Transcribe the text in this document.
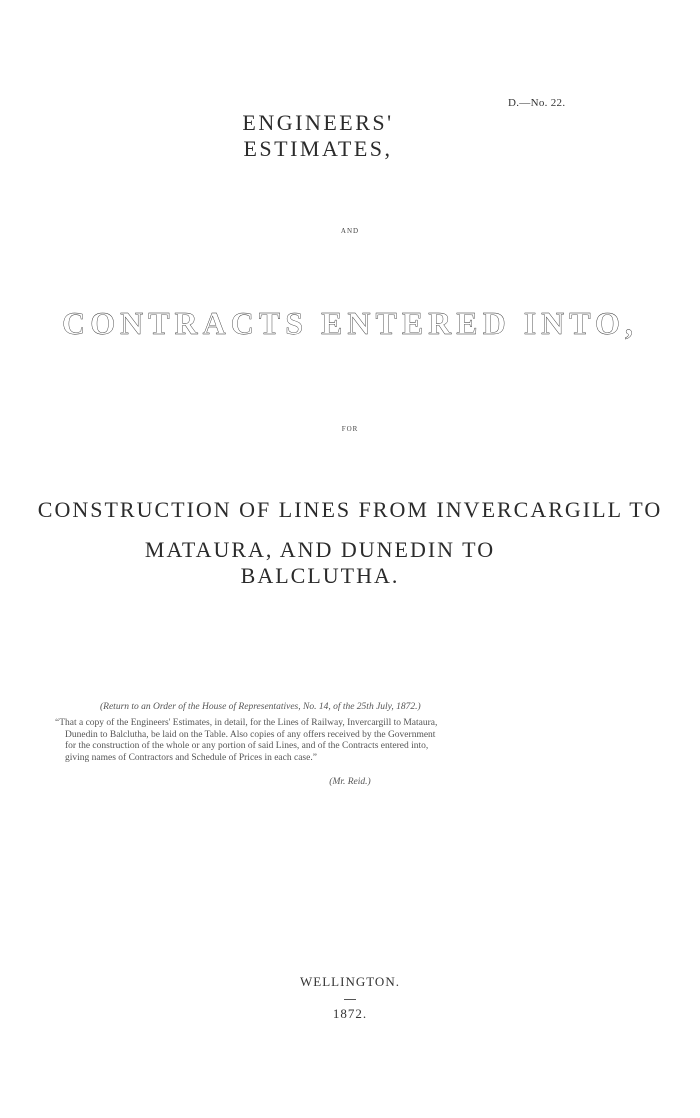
D.—No. 22.
ENGINEERS' ESTIMATES,
AND
CONTRACTS ENTERED INTO,
FOR
CONSTRUCTION OF LINES FROM INVERCARGILL TO
MATAURA, AND DUNEDIN TO BALCLUTHA.
(Return to an Order of the House of Representatives, No. 14, of the 25th July, 1872.)
“That a copy of the Engineers' Estimates, in detail, for the Lines of Railway, Invercargill to Mataura,
Dunedin to Balclutha, be laid on the Table. Also copies of any offers received by the Government
for the construction of the whole or any portion of said Lines, and of the Contracts entered into,
giving names of Contractors and Schedule of Prices in each case.”
(Mr. Reid.)
WELLINGTON.
1872.
